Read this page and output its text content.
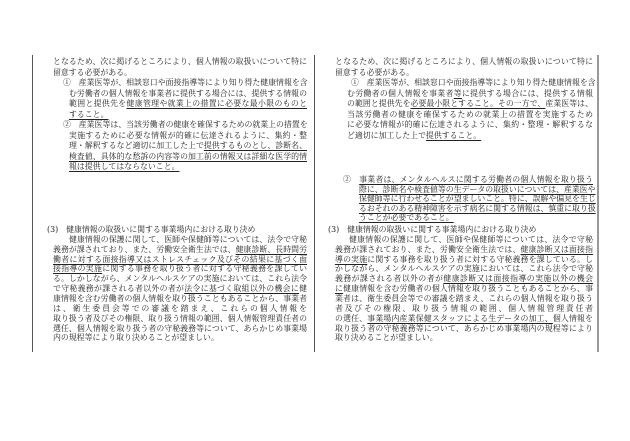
となるため、次に掲げるところにより、個人情報の取扱いについて特に
留意する必要がある。
①　産業医等が、相談窓口や面接指導等により知り得た健康情報を含
む労働者の個人情報を事業者に提供する場合には、提供する情報の
範囲と提供先を健康管理や就業上の措置に必要な最小限のものと
すること。
②　産業医等は、当該労働者の健康を確保するための就業上の措置を
実施するために必要な情報が的確に伝達されるように、集約・整
理・解釈するなど適切に加工した上で提供するものとし、診断名、
検査値、具体的な愁訴の内容等の加工前の情報又は詳細な医学的情
報は提供してはならないこと。
(3)　健康情報の取扱いに関する事業場内における取り決め
健康情報の保護に関して、医師や保健師等については、法令で守秘
義務が課されており、また、労働安全衛生法では、健康診断、長時間労
働者に対する面接指導又はストレスチェック及びその結果に基づく面
接指導の実施に関する事務を取り扱う者に対する守秘義務を課してい
る。しかしながら、メンタルヘルスケアの実施においては、これら法令
で守秘義務が課される者以外の者が法令に基づく取組以外の機会に健
康情報を含む労働者の個人情報を取り扱うこともあることから、事業者
は、衛生委員会等での審議を踏まえ、これらの個人情報を
取り扱う者及びその権限、取り扱う情報の範囲、個人情報管理責任者の
選任、個人情報を取り扱う者の守秘義務等について、あらかじめ事業場
内の規程等により取り決めることが望ましい。
となるため、次に掲げるところにより、個人情報の取扱いについて特に
留意する必要がある。
①　産業医等が、相談窓口や面接指導等により知り得た健康情報を含
む労働者の個人情報を事業者等に提供する場合には、提供する情報
の範囲と提供先を必要最小限とすること。その一方で、産業医等は、
当該労働者の健康を確保するための就業上の措置を実施するため
に必要な情報が的確に伝達されるように、集約・整理・解釈するな
ど適切に加工した上で提供すること。
②　事業者は、メンタルヘルスに関する労働者の個人情報を取り扱う
際に、診断名や検査値等の生データの取扱いについては、産業医や
保健師等に行わせることが望ましいこと。特に、誤解や偏見を生じ
るおそれのある精神障害を示す病名に関する情報は、慎重に取り扱
うことが必要であること。
(3)　健康情報の取扱いに関する事業場内における取り決め
健康情報の保護に関して、医師や保健師等については、法令で守秘
義務が課されており、また、労働安全衛生法では、健康診断又は面接指
導の実施に関する事務を取り扱う者に対する守秘義務を課している。し
かしながら、メンタルヘルスケアの実施においては、これら法令で守秘
義務が課される者以外の者が健康診断又は面接指導の実施以外の機会
に健康情報を含む労働者の個人情報を取り扱うこともあることから、事
業者は、衛生委員会等での審議を踏まえ、これらの個人情報を取り扱う
者及びその権限、取り扱う情報の範囲、個人情報管理責任者
の選任、事業場内産業保健スタッフによる生データの加工、個人情報を
取り扱う者の守秘義務等について、あらかじめ事業場内の規程等により
取り決めることが望ましい。
